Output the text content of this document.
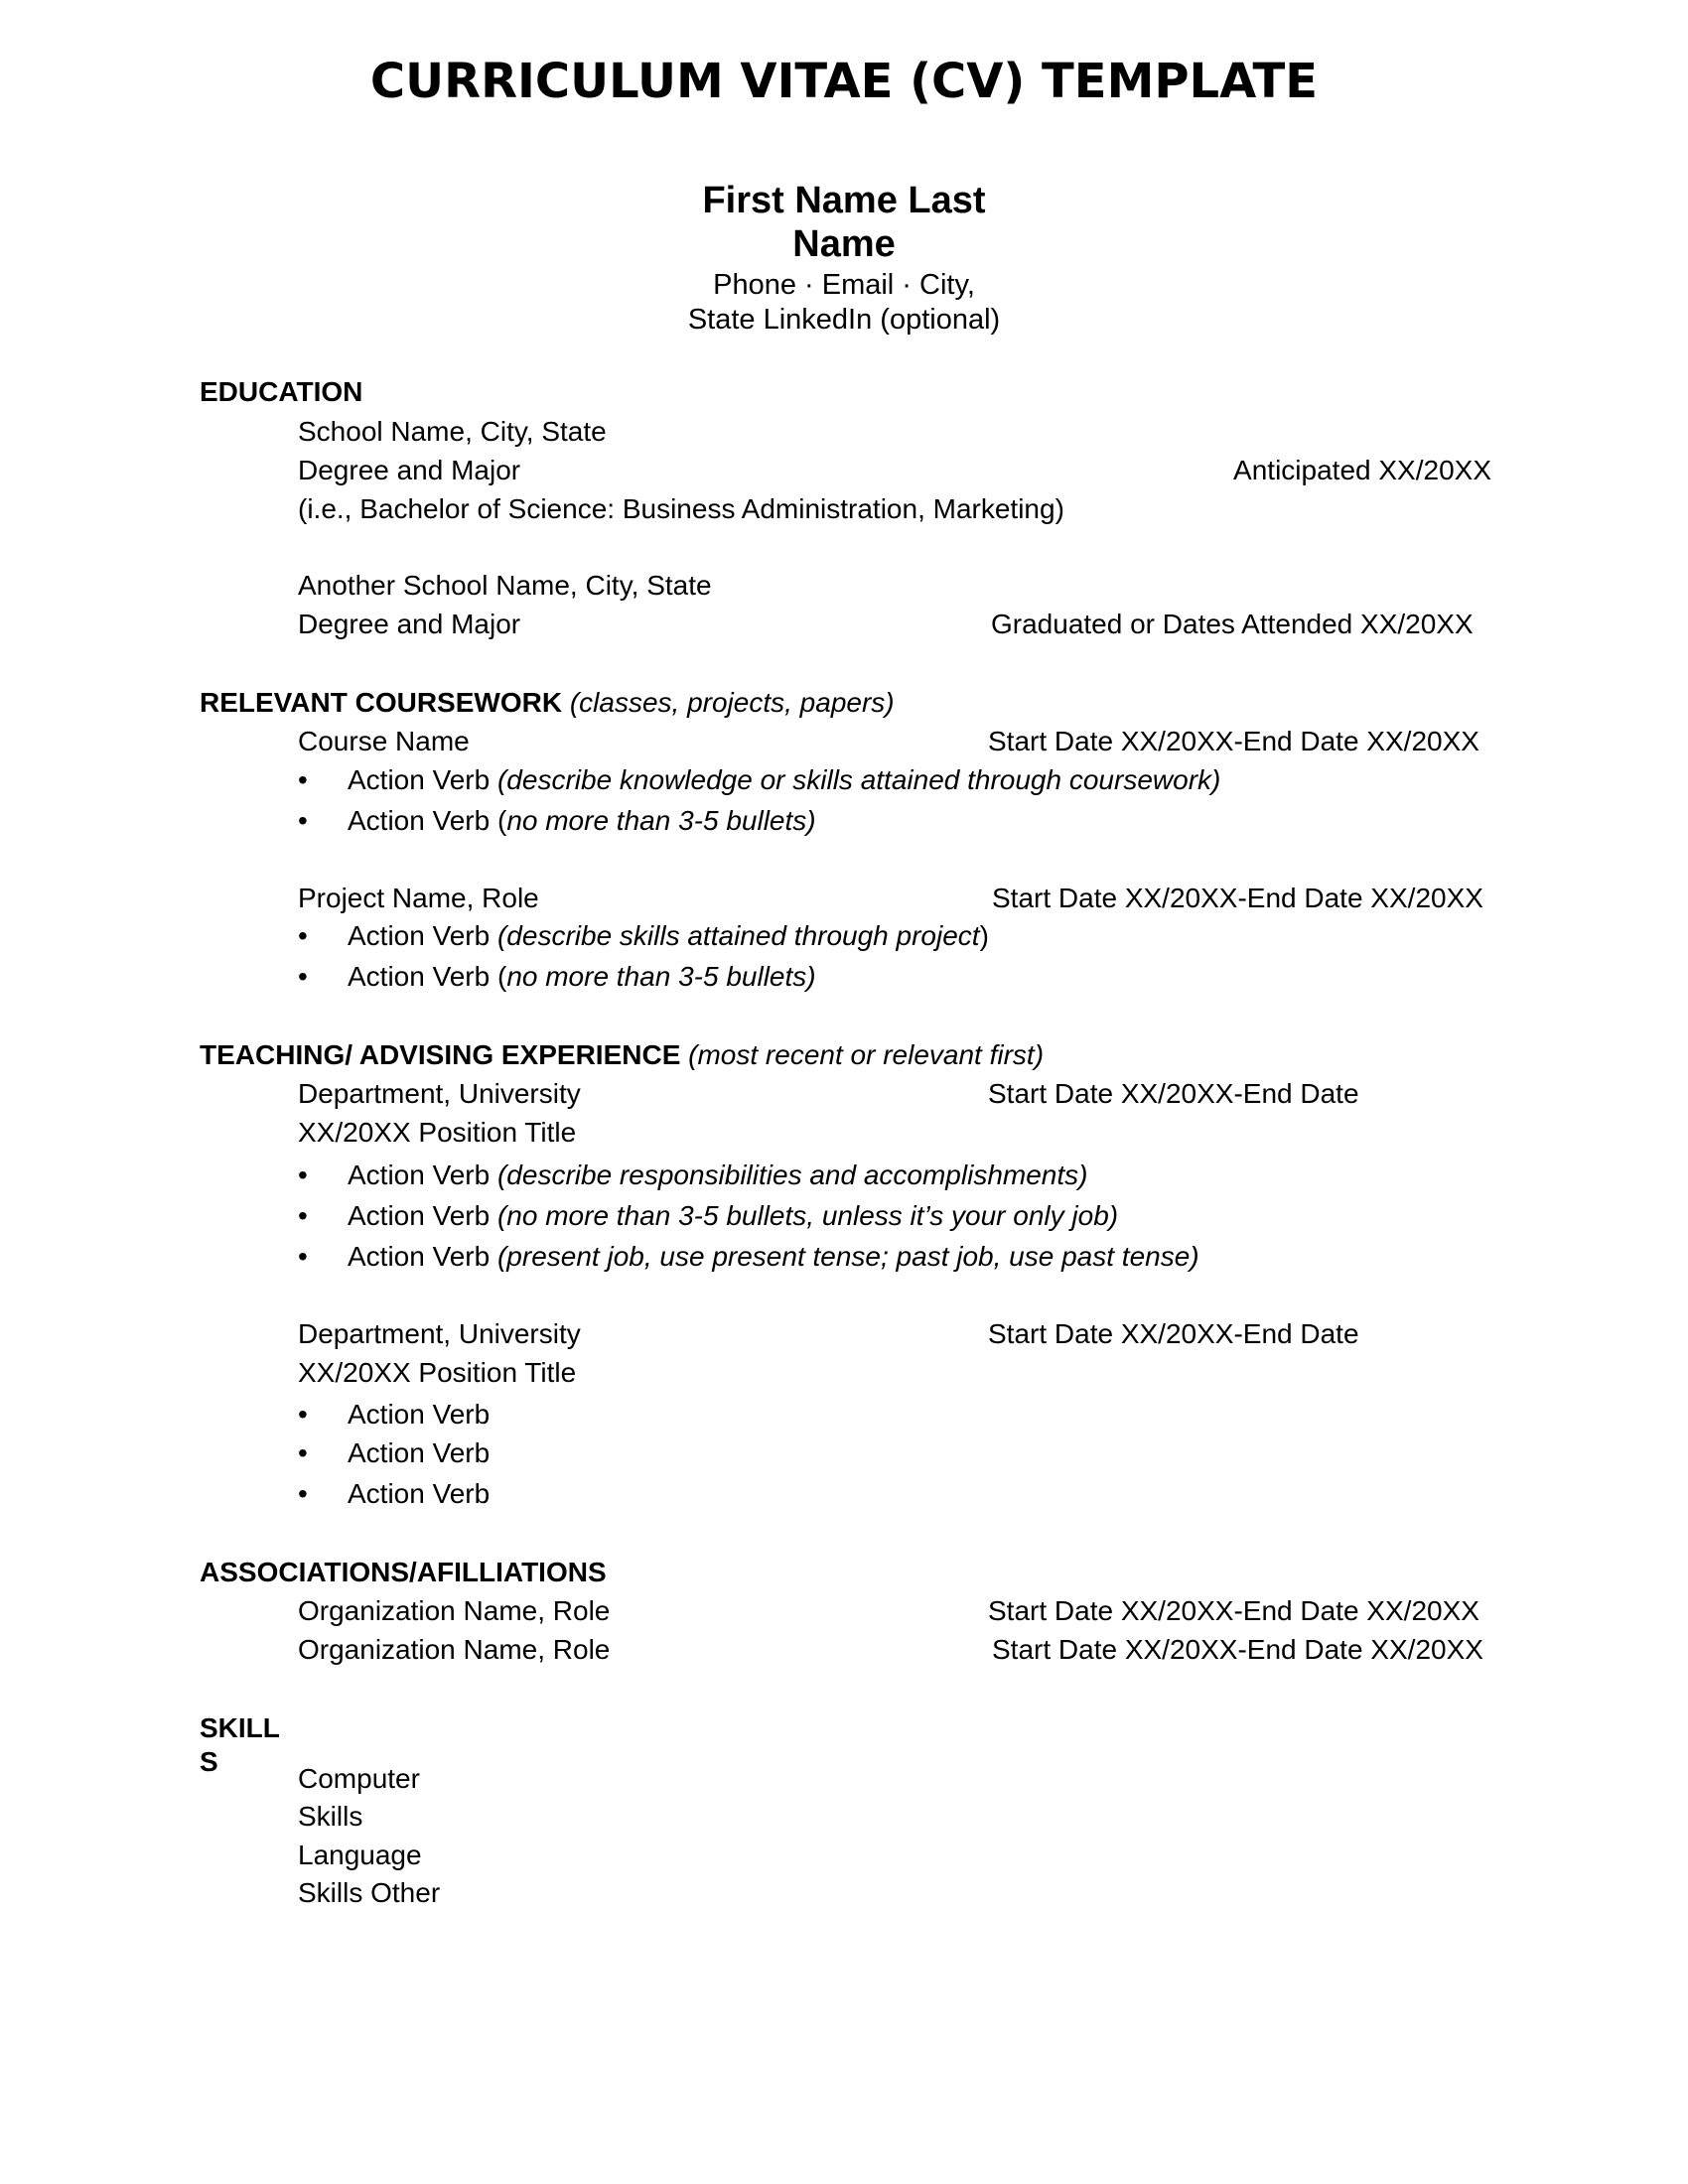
CURRICULUM VITAE (CV) TEMPLATE
First Name Last
Name
Phone · Email · City,
State LinkedIn (optional)
EDUCATION
School Name, City, State
Degree and Major	Anticipated XX/20XX
(i.e., Bachelor of Science: Business Administration, Marketing)
Another School Name, City, State
Degree and Major	Graduated or Dates Attended XX/20XX
RELEVANT COURSEWORK (classes, projects, papers)
Course Name	Start Date XX/20XX-End Date XX/20XX
• Action Verb (describe knowledge or skills attained through coursework)
• Action Verb (no more than 3-5 bullets)
Project Name, Role	Start Date XX/20XX-End Date XX/20XX
• Action Verb (describe skills attained through project)
• Action Verb (no more than 3-5 bullets)
TEACHING/ ADVISING EXPERIENCE (most recent or relevant first)
Department, University	Start Date XX/20XX-End Date
XX/20XX Position Title
• Action Verb (describe responsibilities and accomplishments)
• Action Verb (no more than 3-5 bullets, unless it’s your only job)
• Action Verb (present job, use present tense; past job, use past tense)
Department, University	Start Date XX/20XX-End Date
XX/20XX Position Title
• Action Verb
• Action Verb
• Action Verb
ASSOCIATIONS/AFILLIATIONS
Organization Name, Role	Start Date XX/20XX-End Date XX/20XX
Organization Name, Role	Start Date XX/20XX-End Date XX/20XX
SKILL
S
Computer
Skills
Language
Skills Other
